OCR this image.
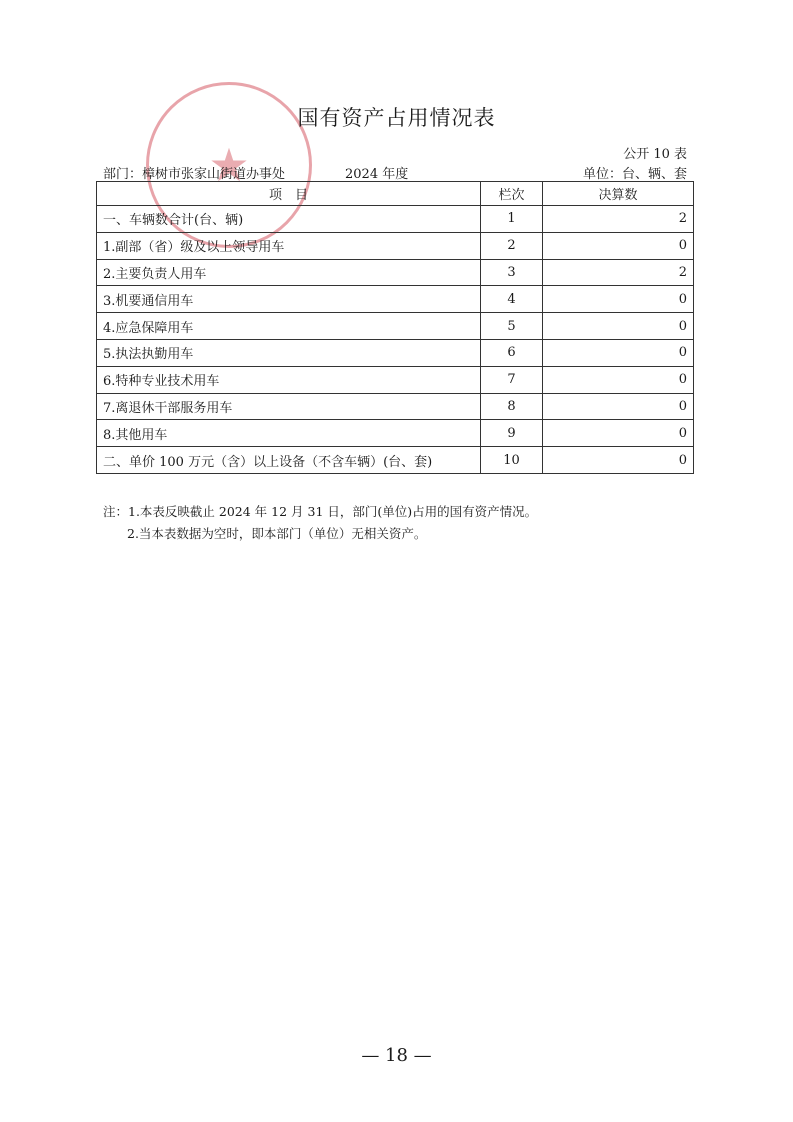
★
国有资产占用情况表
公开 10 表
部门：樟树市张家山街道办事处	2024 年度	单位：台、辆、套
项　目	栏次	决算数
一、车辆数合计(台、辆)	1	2
1.副部（省）级及以上领导用车	2	0
2.主要负责人用车	3	2
3.机要通信用车	4	0
4.应急保障用车	5	0
5.执法执勤用车	6	0
6.特种专业技术用车	7	0
7.离退休干部服务用车	8	0
8.其他用车	9	0
二、单价 100 万元（含）以上设备（不含车辆）(台、套)	10	0
注：1.本表反映截止 2024 年 12 月 31 日，部门(单位)占用的国有资产情况。
2.当本表数据为空时，即本部门（单位）无相关资产。
— 18 —
